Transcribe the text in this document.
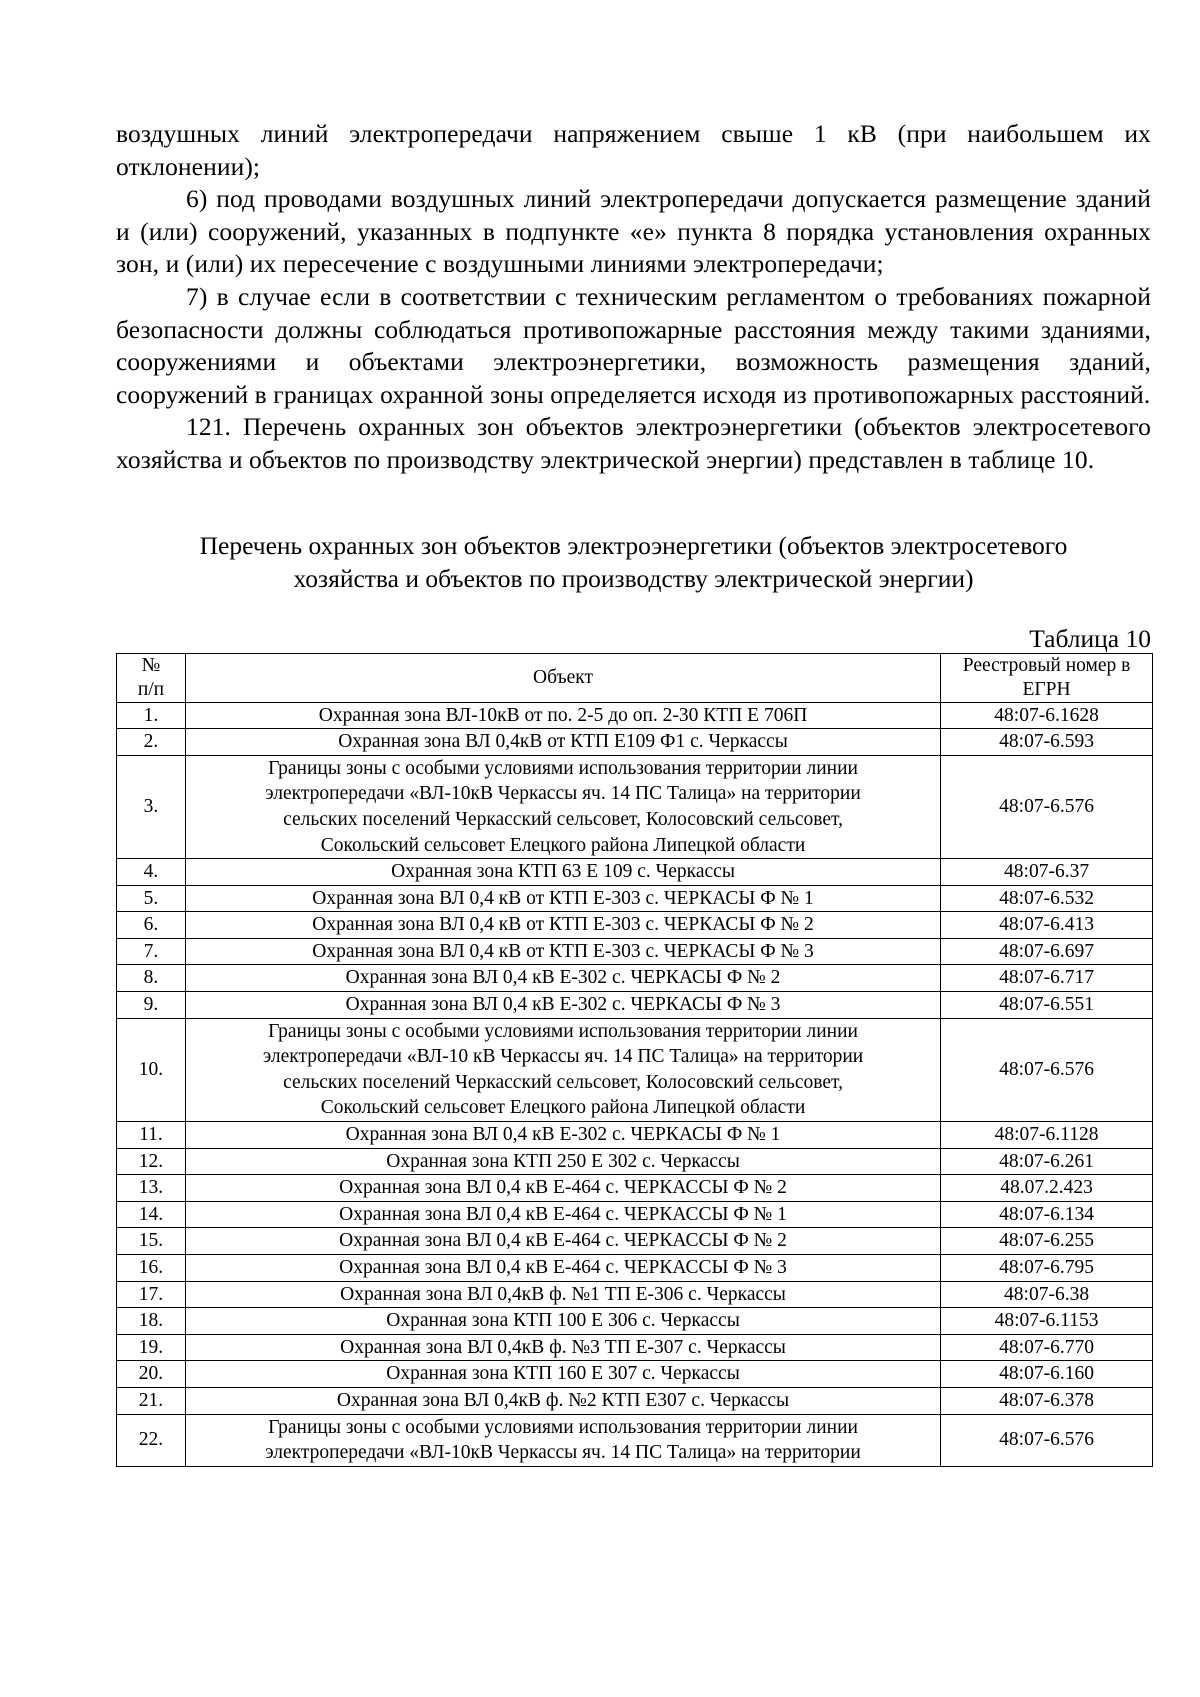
воздушных линий электропередачи напряжением свыше 1 кВ (при наибольшем их отклонении);

6) под проводами воздушных линий электропередачи допускается размещение зданий и (или) сооружений, указанных в подпункте «е» пункта 8 порядка установления охранных зон, и (или) их пересечение с воздушными линиями электропередачи;

7) в случае если в соответствии с техническим регламентом о требованиях пожарной безопасности должны соблюдаться противопожарные расстояния между такими зданиями, сооружениями и объектами электроэнергетики, возможность размещения зданий, сооружений в границах охранной зоны определяется исходя из противопожарных расстояний.

121. Перечень охранных зон объектов электроэнергетики (объектов электросетевого хозяйства и объектов по производству электрической энергии) представлен в таблице 10.

Перечень охранных зон объектов электроэнергетики (объектов электросетевого
хозяйства и объектов по производству электрической энергии)
Таблица 10
№
п/п	Объект	Реестровый номер в
ЕГРН

1.	Охранная зона ВЛ-10кВ от по. 2-5 до оп. 2-30 КТП Е 706П	48:07-6.1628
2.	Охранная зона ВЛ 0,4кВ от КТП Е109 Ф1 с. Черкассы	48:07-6.593
3.	Границы зоны с особыми условиями использования территории линии
электропередачи «ВЛ-10кВ Черкассы яч. 14 ПС Талица» на территории
сельских поселений Черкасский сельсовет, Колосовский сельсовет,
Сокольский сельсовет Елецкого района Липецкой области	48:07-6.576
4.	Охранная зона КТП 63 Е 109 с. Черкассы	48:07-6.37
5.	Охранная зона ВЛ 0,4 кВ от КТП Е-303 с. ЧЕРКАСЫ Ф № 1	48:07-6.532
6.	Охранная зона ВЛ 0,4 кВ от КТП Е-303 с. ЧЕРКАСЫ Ф № 2	48:07-6.413
7.	Охранная зона ВЛ 0,4 кВ от КТП Е-303 с. ЧЕРКАСЫ Ф № 3	48:07-6.697
8.	Охранная зона ВЛ 0,4 кВ Е-302 с. ЧЕРКАСЫ Ф № 2	48:07-6.717
9.	Охранная зона ВЛ 0,4 кВ Е-302 с. ЧЕРКАСЫ Ф № 3	48:07-6.551
10.	Границы зоны с особыми условиями использования территории линии
электропередачи «ВЛ-10 кВ Черкассы яч. 14 ПС Талица» на территории
сельских поселений Черкасский сельсовет, Колосовский сельсовет,
Сокольский сельсовет Елецкого района Липецкой области	48:07-6.576
11.	Охранная зона ВЛ 0,4 кВ Е-302 с. ЧЕРКАСЫ Ф № 1	48:07-6.1128
12.	Охранная зона КТП 250 Е 302 с. Черкассы	48:07-6.261
13.	Охранная зона ВЛ 0,4 кВ Е-464 с. ЧЕРКАССЫ Ф № 2	48.07.2.423
14.	Охранная зона ВЛ 0,4 кВ Е-464 с. ЧЕРКАССЫ Ф № 1	48:07-6.134
15.	Охранная зона ВЛ 0,4 кВ Е-464 с. ЧЕРКАССЫ Ф № 2	48:07-6.255
16.	Охранная зона ВЛ 0,4 кВ Е-464 с. ЧЕРКАССЫ Ф № 3	48:07-6.795
17.	Охранная зона ВЛ 0,4кВ ф. №1 ТП Е-306 с. Черкассы	48:07-6.38
18.	Охранная зона КТП 100 Е 306 с. Черкассы	48:07-6.1153
19.	Охранная зона ВЛ 0,4кВ ф. №3 ТП Е-307 с. Черкассы	48:07-6.770
20.	Охранная зона КТП 160 Е 307 с. Черкассы	48:07-6.160
21.	Охранная зона ВЛ 0,4кВ ф. №2 КТП Е307 с. Черкассы	48:07-6.378
22.	Границы зоны с особыми условиями использования территории линии
электропередачи «ВЛ-10кВ Черкассы яч. 14 ПС Талица» на территории	48:07-6.576
